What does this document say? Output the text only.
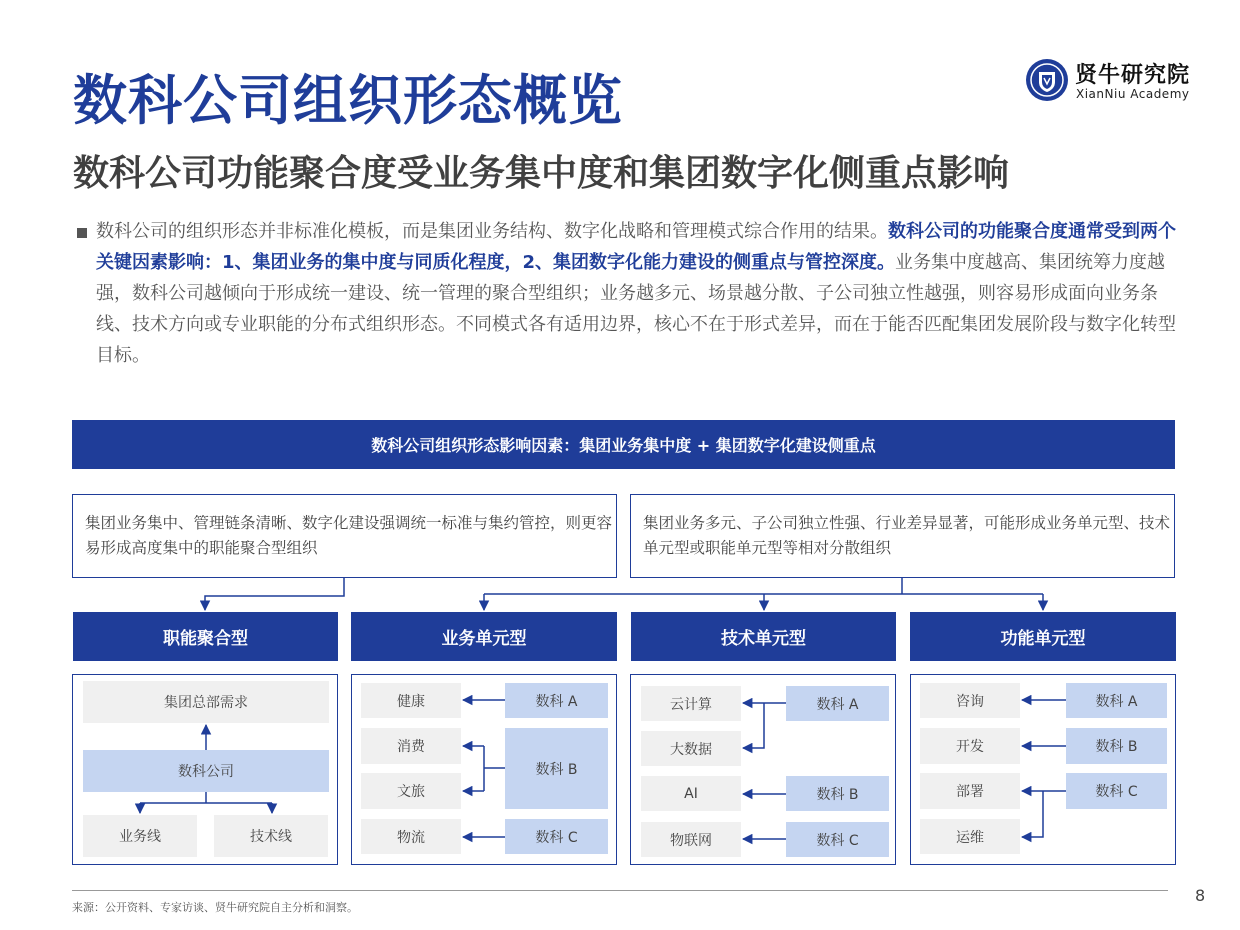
数科公司组织形态概览
数科公司功能聚合度受业务集中度和集团数字化侧重点影响
贤牛研究院
XianNiu Academy
数科公司的组织形态并非标准化模板，而是集团业务结构、数字化战略和管理模式综合作用的结果。数科公司的功能聚合度通常受到两个关键因素影响：1、集团业务的集中度与同质化程度，2、集团数字化能力建设的侧重点与管控深度。业务集中度越高、集团统筹力度越强，数科公司越倾向于形成统一建设、统一管理的聚合型组织；业务越多元、场景越分散、子公司独立性越强，则容易形成面向业务条线、技术方向或专业职能的分布式组织形态。不同模式各有适用边界，核心不在于形式差异，而在于能否匹配集团发展阶段与数字化转型目标。
数科公司组织形态影响因素：集团业务集中度 + 集团数字化建设侧重点
集团业务集中、管理链条清晰、数字化建设强调统一标准与集约管控，则更容易形成高度集中的职能聚合型组织
集团业务多元、子公司独立性强、行业差异显著，可能形成业务单元型、技术单元型或职能单元型等相对分散组织
职能聚合型	业务单元型	技术单元型	功能单元型
集团总部需求
数科公司
业务线	技术线
健康
消费
文旅
物流
数科 A
数科 B
数科 C
云计算
大数据
AI
物联网
数科 A
数科 B
数科 C
咨询
开发
部署
运维
数科 A
数科 B
数科 C
来源：公开资料、专家访谈、贤牛研究院自主分析和洞察。
8
